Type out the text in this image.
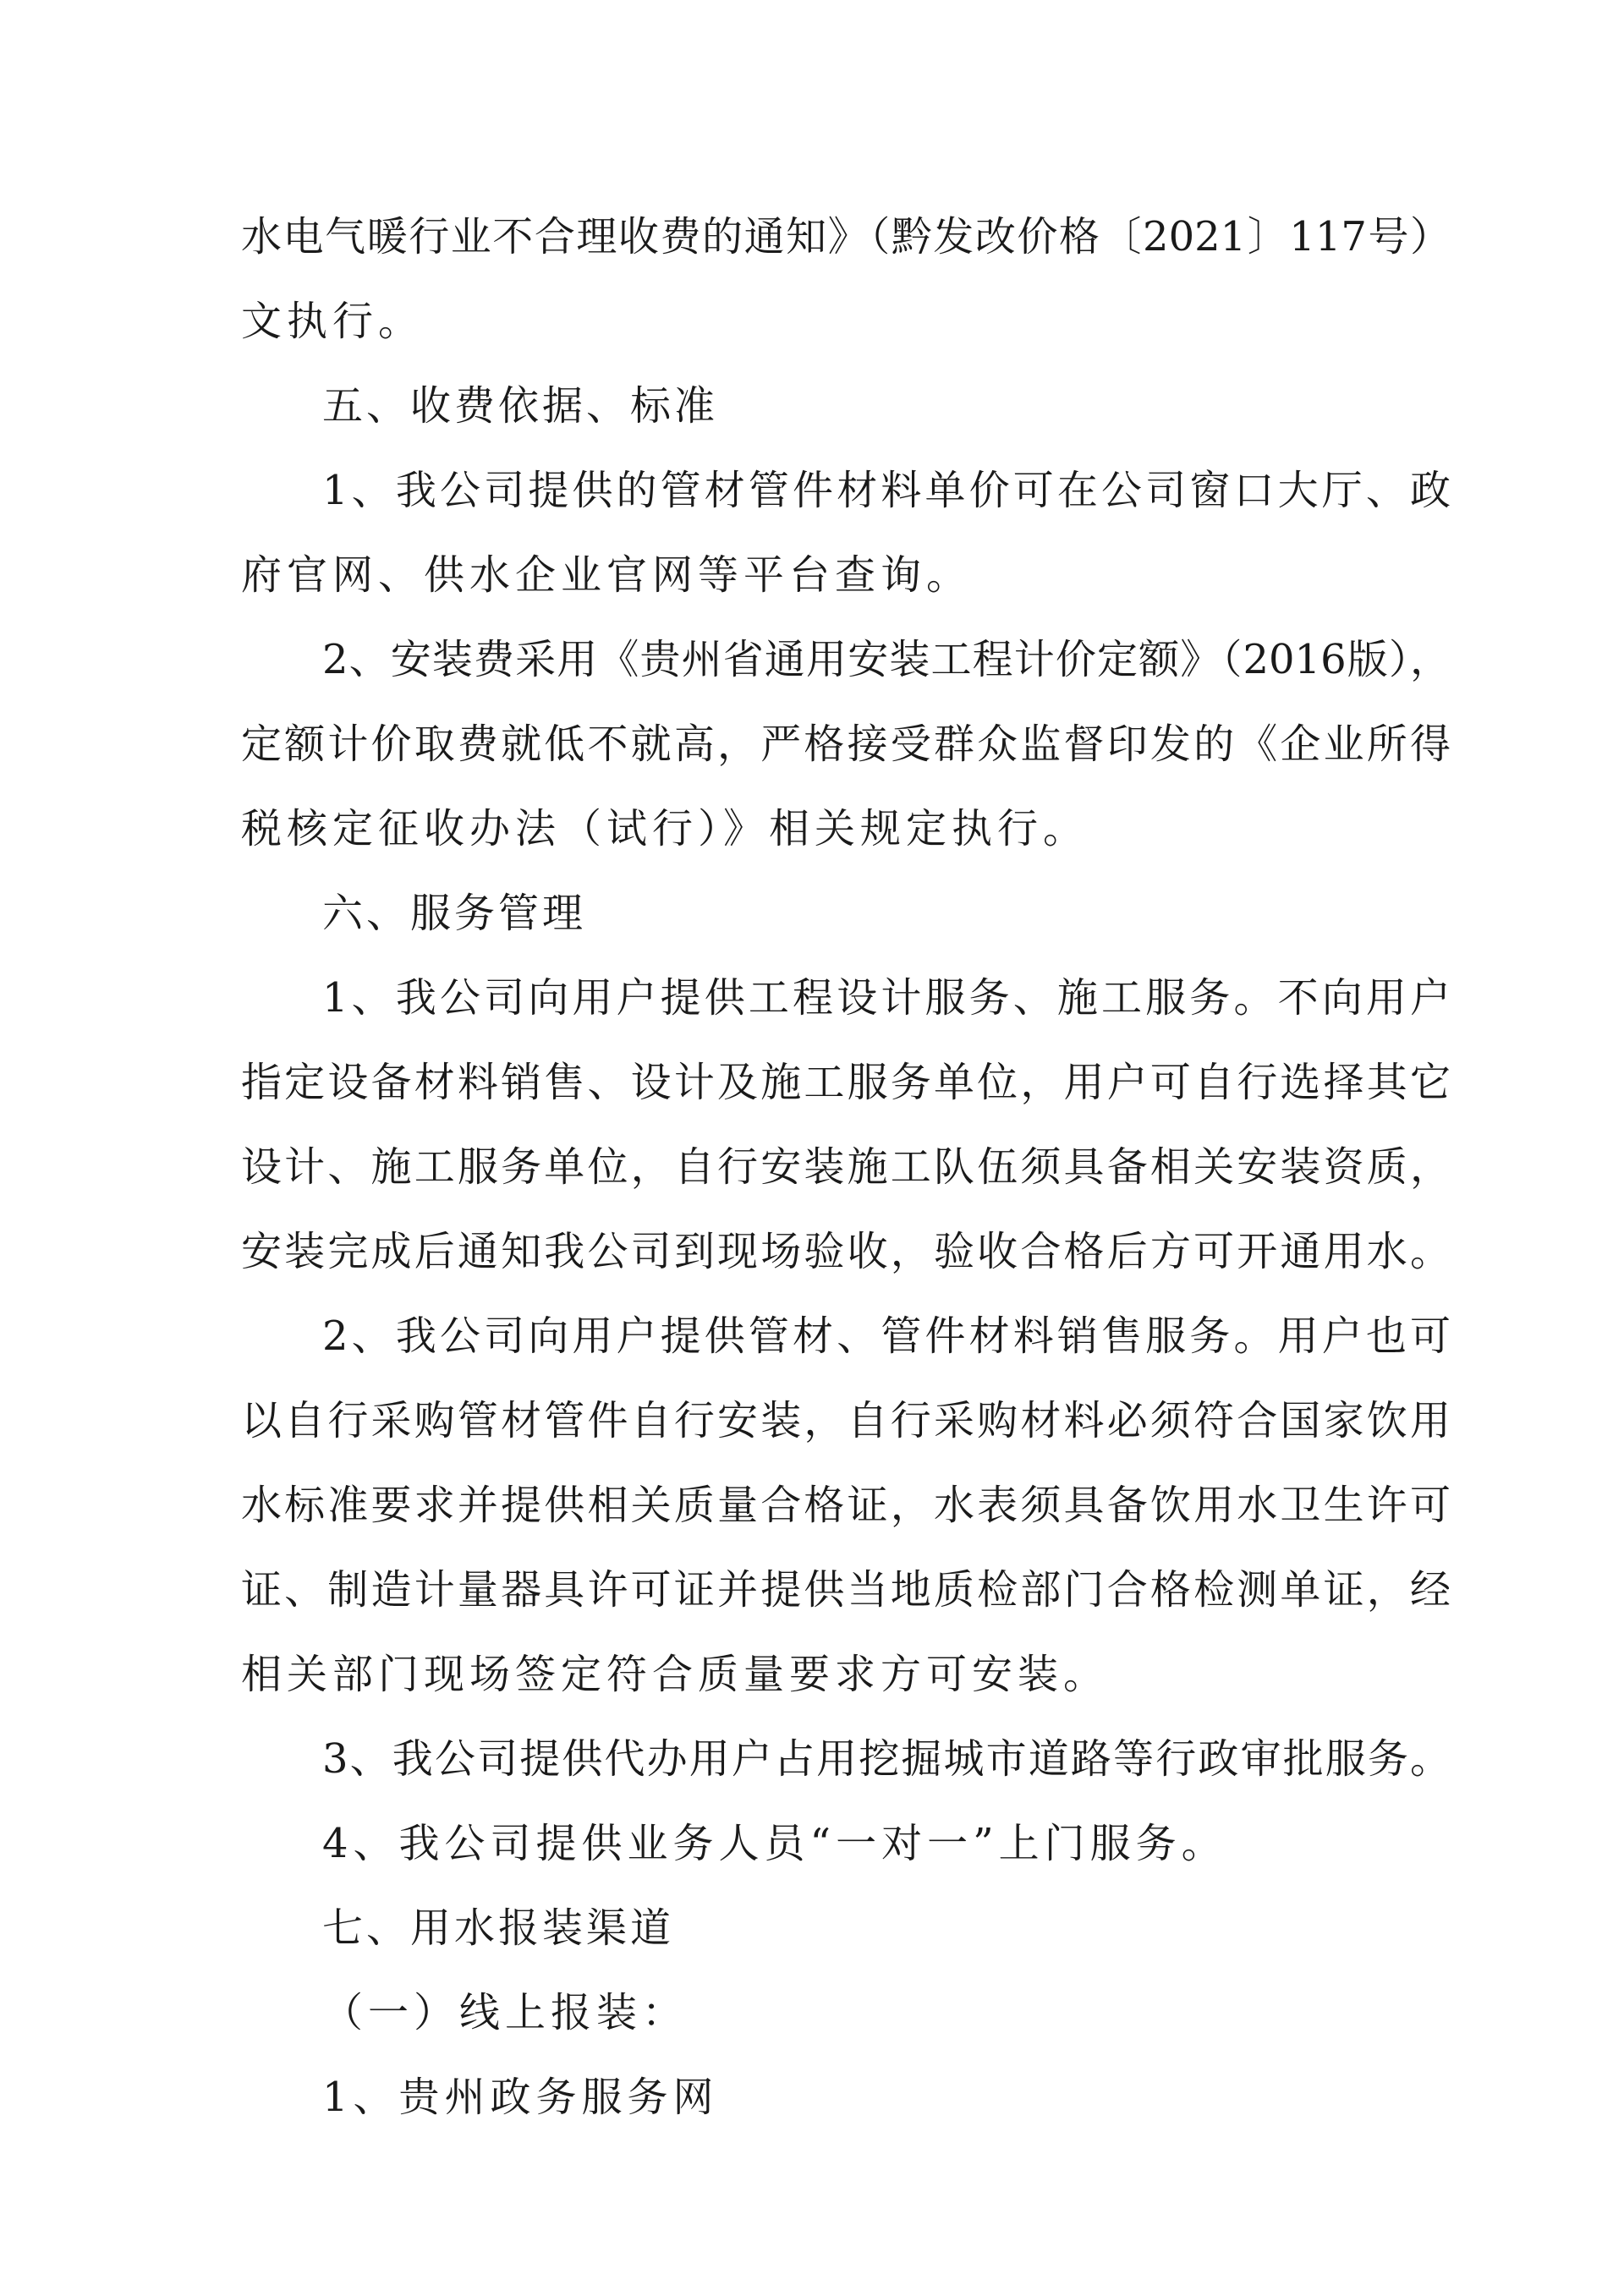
水电气暖行业不合理收费的通知》（黔发改价格〔2021〕117号）
文执行。
五、收费依据、标准
1、我公司提供的管材管件材料单价可在公司窗口大厅、政
府官网、供水企业官网等平台查询。
2、安装费采用《贵州省通用安装工程计价定额》（2016版），
定额计价取费就低不就高，严格接受群众监督印发的《企业所得
税核定征收办法（试行）》相关规定执行。
六、服务管理
1、我公司向用户提供工程设计服务、施工服务。不向用户
指定设备材料销售、设计及施工服务单位，用户可自行选择其它
设计、施工服务单位，自行安装施工队伍须具备相关安装资质，
安装完成后通知我公司到现场验收，验收合格后方可开通用水。
2、我公司向用户提供管材、管件材料销售服务。用户也可
以自行采购管材管件自行安装，自行采购材料必须符合国家饮用
水标准要求并提供相关质量合格证，水表须具备饮用水卫生许可
证、制造计量器具许可证并提供当地质检部门合格检测单证，经
相关部门现场签定符合质量要求方可安装。
3、我公司提供代办用户占用挖掘城市道路等行政审批服务。
4、我公司提供业务人员“一对一”上门服务。
七、用水报装渠道
（一）线上报装：
1、贵州政务服务网
